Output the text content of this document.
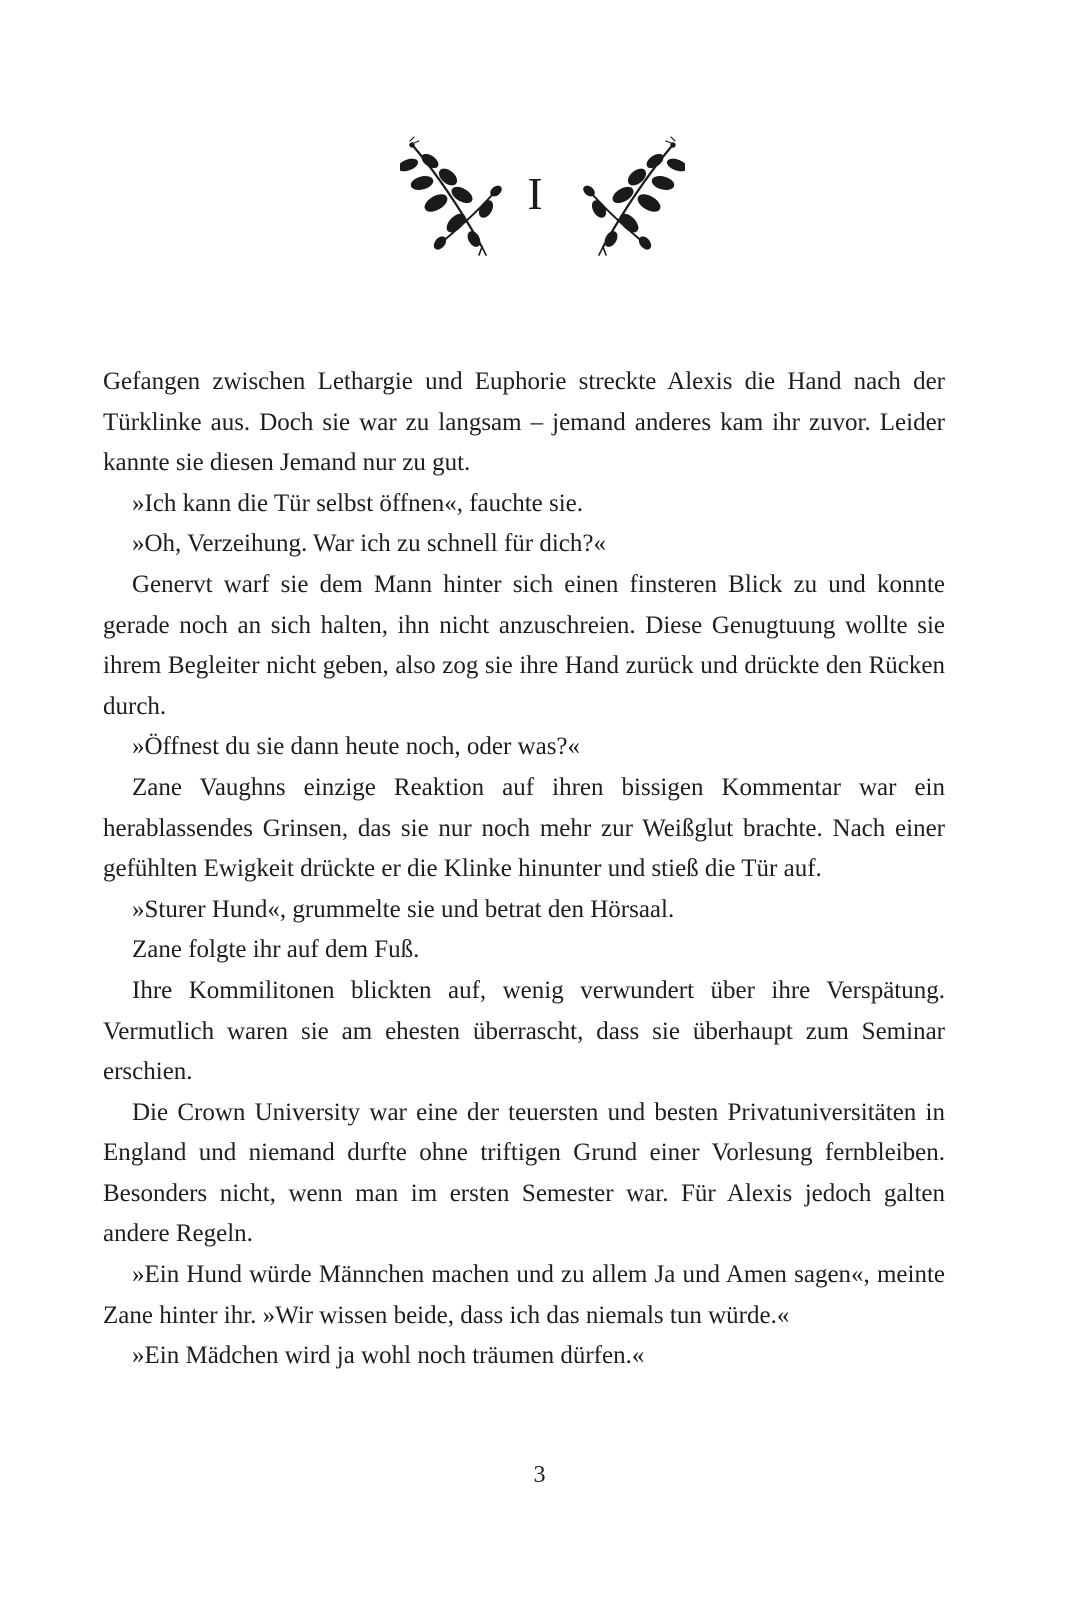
I

Gefangen zwischen Lethargie und Euphorie streckte Alexis die Hand nach der Türklinke aus. Doch sie war zu langsam – jemand anderes kam ihr zuvor. Leider kannte sie diesen Jemand nur zu gut.

»Ich kann die Tür selbst öffnen«, fauchte sie.

»Oh, Verzeihung. War ich zu schnell für dich?«

Genervt warf sie dem Mann hinter sich einen finsteren Blick zu und konnte gerade noch an sich halten, ihn nicht anzuschreien. Diese Genugtuung wollte sie ihrem Begleiter nicht geben, also zog sie ihre Hand zurück und drückte den Rücken durch.

»Öffnest du sie dann heute noch, oder was?«

Zane Vaughns einzige Reaktion auf ihren bissigen Kommentar war ein herablassendes Grinsen, das sie nur noch mehr zur Weißglut brachte. Nach einer gefühlten Ewigkeit drückte er die Klinke hinunter und stieß die Tür auf.

»Sturer Hund«, grummelte sie und betrat den Hörsaal.

Zane folgte ihr auf dem Fuß.

Ihre Kommilitonen blickten auf, wenig verwundert über ihre Verspätung. Vermutlich waren sie am ehesten überrascht, dass sie überhaupt zum Seminar erschien.

Die Crown University war eine der teuersten und besten Privatuniversitäten in England und niemand durfte ohne triftigen Grund einer Vorlesung fernbleiben. Besonders nicht, wenn man im ersten Semester war. Für Alexis jedoch galten andere Regeln.

»Ein Hund würde Männchen machen und zu allem Ja und Amen sagen«, meinte Zane hinter ihr. »Wir wissen beide, dass ich das niemals tun würde.«

»Ein Mädchen wird ja wohl noch träumen dürfen.«

3
